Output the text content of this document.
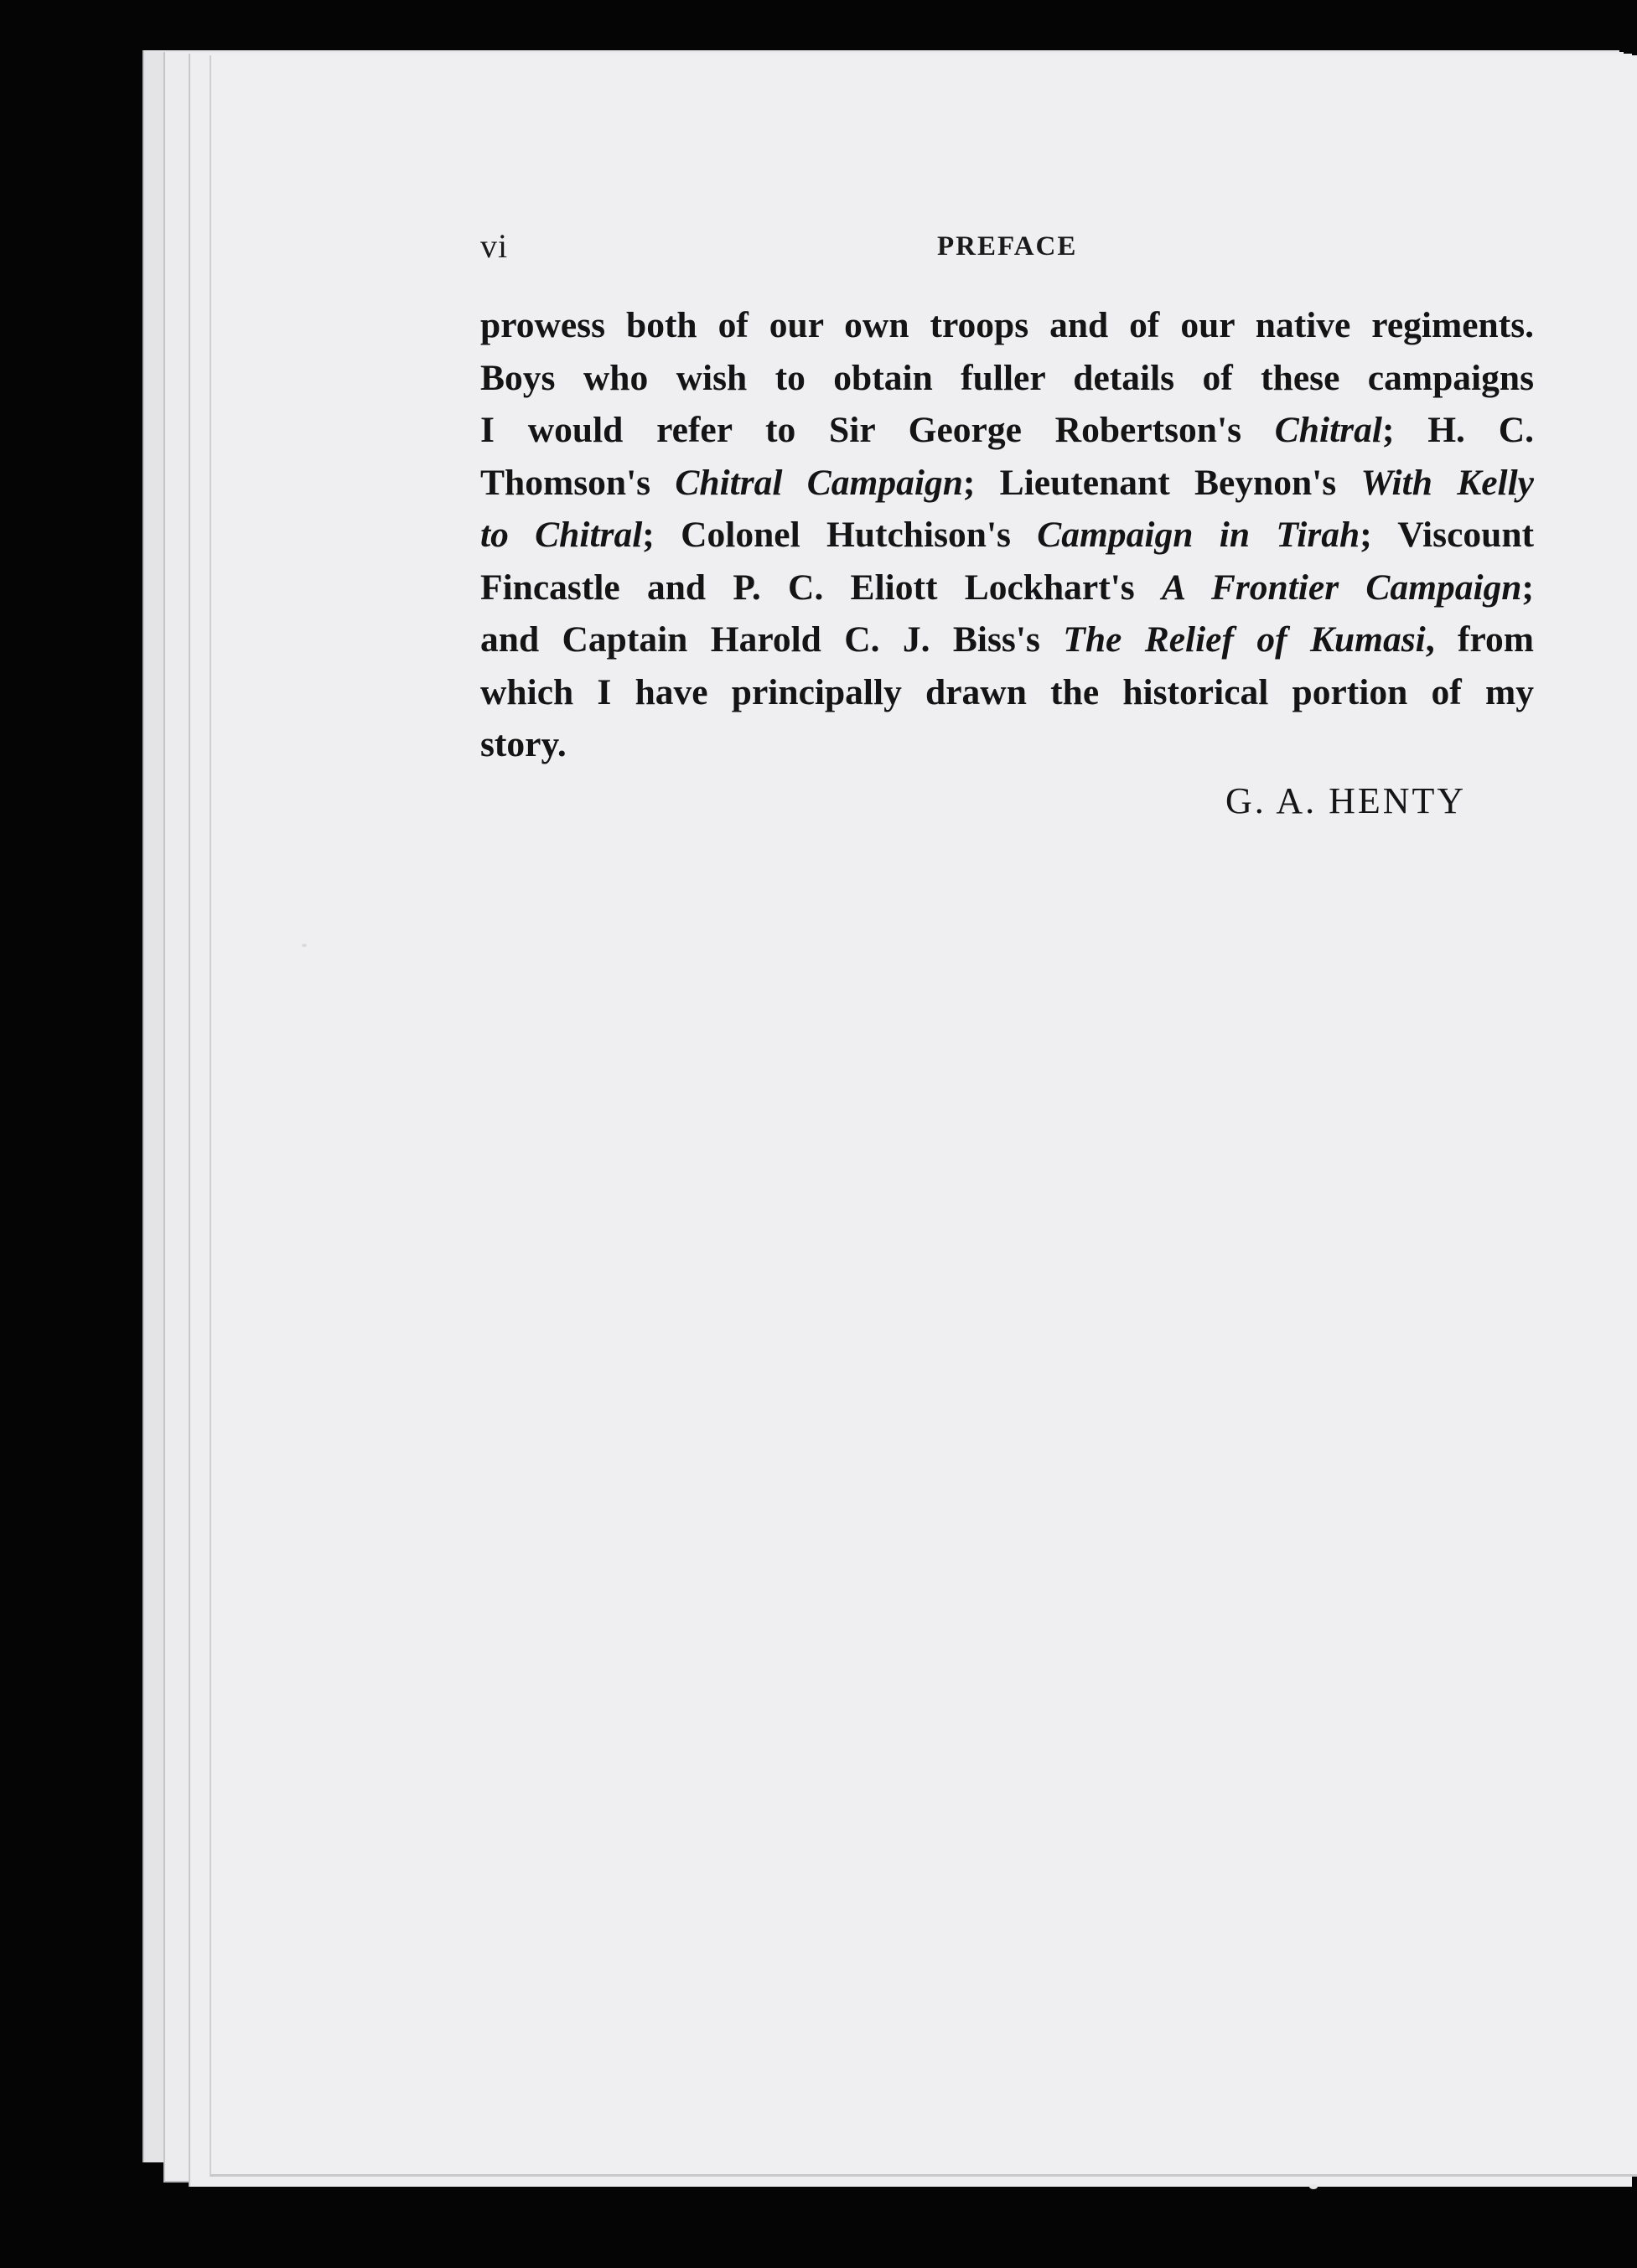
vi	PREFACE
prowess both of our own troops and of our native regiments.
Boys who wish to obtain fuller details of these campaigns
I would refer to Sir George Robertson's Chitral; H. C.
Thomson's Chitral Campaign; Lieutenant Beynon's With Kelly
to Chitral; Colonel Hutchison's Campaign in Tirah; Viscount
Fincastle and P. C. Eliott Lockhart's A Frontier Campaign;
and Captain Harold C. J. Biss's The Relief of Kumasi, from
which I have principally drawn the historical portion of my
story.
G. A. HENTY
